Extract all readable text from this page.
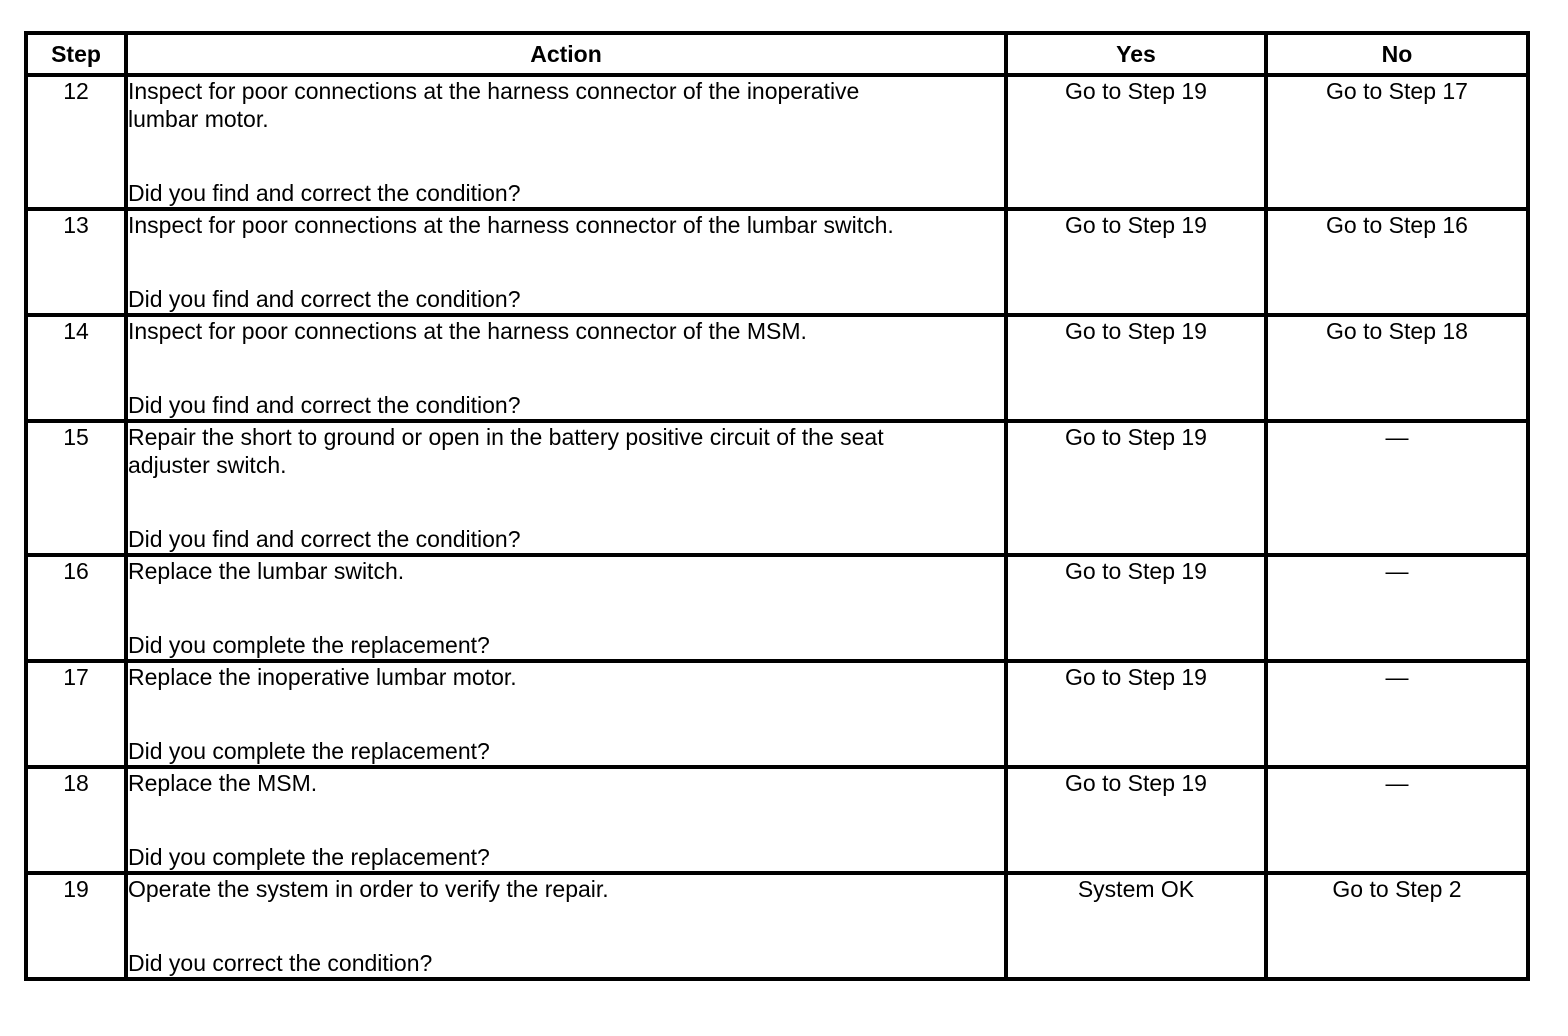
Step	Action	Yes	No
12	Inspect for poor connections at the harness connector of the inoperative
lumbar motor.
Did you find and correct the condition?	Go to Step 19	Go to Step 17
13	Inspect for poor connections at the harness connector of the lumbar switch.
Did you find and correct the condition?	Go to Step 19	Go to Step 16
14	Inspect for poor connections at the harness connector of the MSM.
Did you find and correct the condition?	Go to Step 19	Go to Step 18
15	Repair the short to ground or open in the battery positive circuit of the seat
adjuster switch.
Did you find and correct the condition?	Go to Step 19	—
16	Replace the lumbar switch.
Did you complete the replacement?	Go to Step 19	—
17	Replace the inoperative lumbar motor.
Did you complete the replacement?	Go to Step 19	—
18	Replace the MSM.
Did you complete the replacement?	Go to Step 19	—
19	Operate the system in order to verify the repair.
Did you correct the condition?	System OK	Go to Step 2
